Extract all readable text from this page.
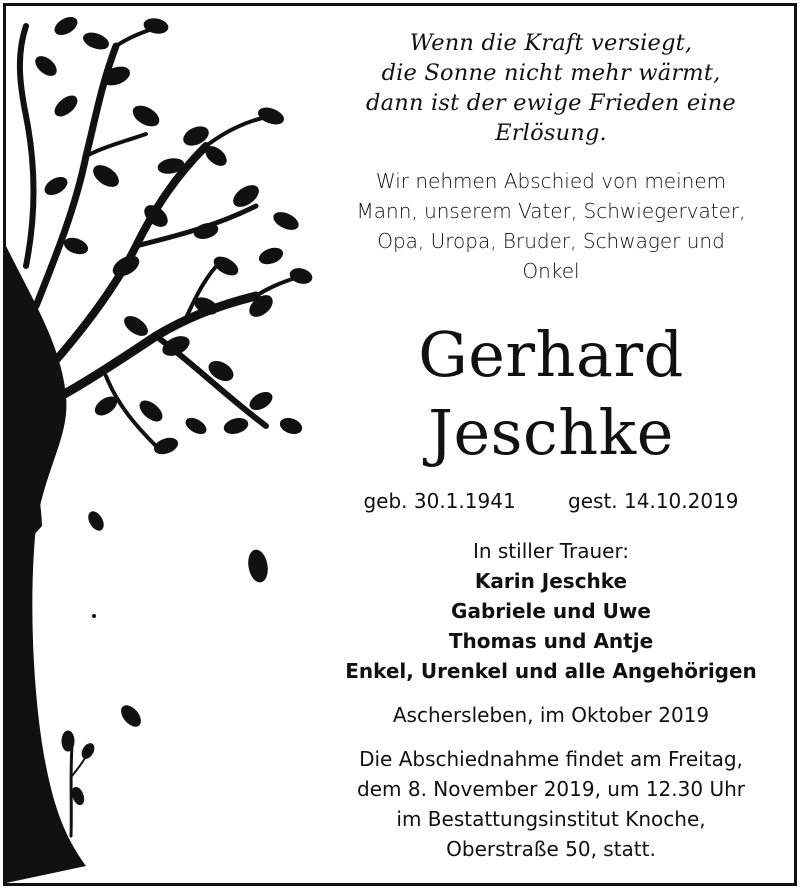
Wenn die Kraft versiegt,
die Sonne nicht mehr wärmt,
dann ist der ewige Frieden eine
Erlösung.
Wir nehmen Abschied von meinem
Mann, unserem Vater, Schwiegervater,
Opa, Uropa, Bruder, Schwager und
Onkel
Gerhard
Jeschke
geb. 30.1.1941	gest. 14.10.2019
In stiller Trauer:
Karin Jeschke
Gabriele und Uwe
Thomas und Antje
Enkel, Urenkel und alle Angehörigen
Aschersleben, im Oktober 2019
Die Abschiednahme findet am Freitag,
dem 8. November 2019, um 12.30 Uhr
im Bestattungsinstitut Knoche,
Oberstraße 50, statt.
